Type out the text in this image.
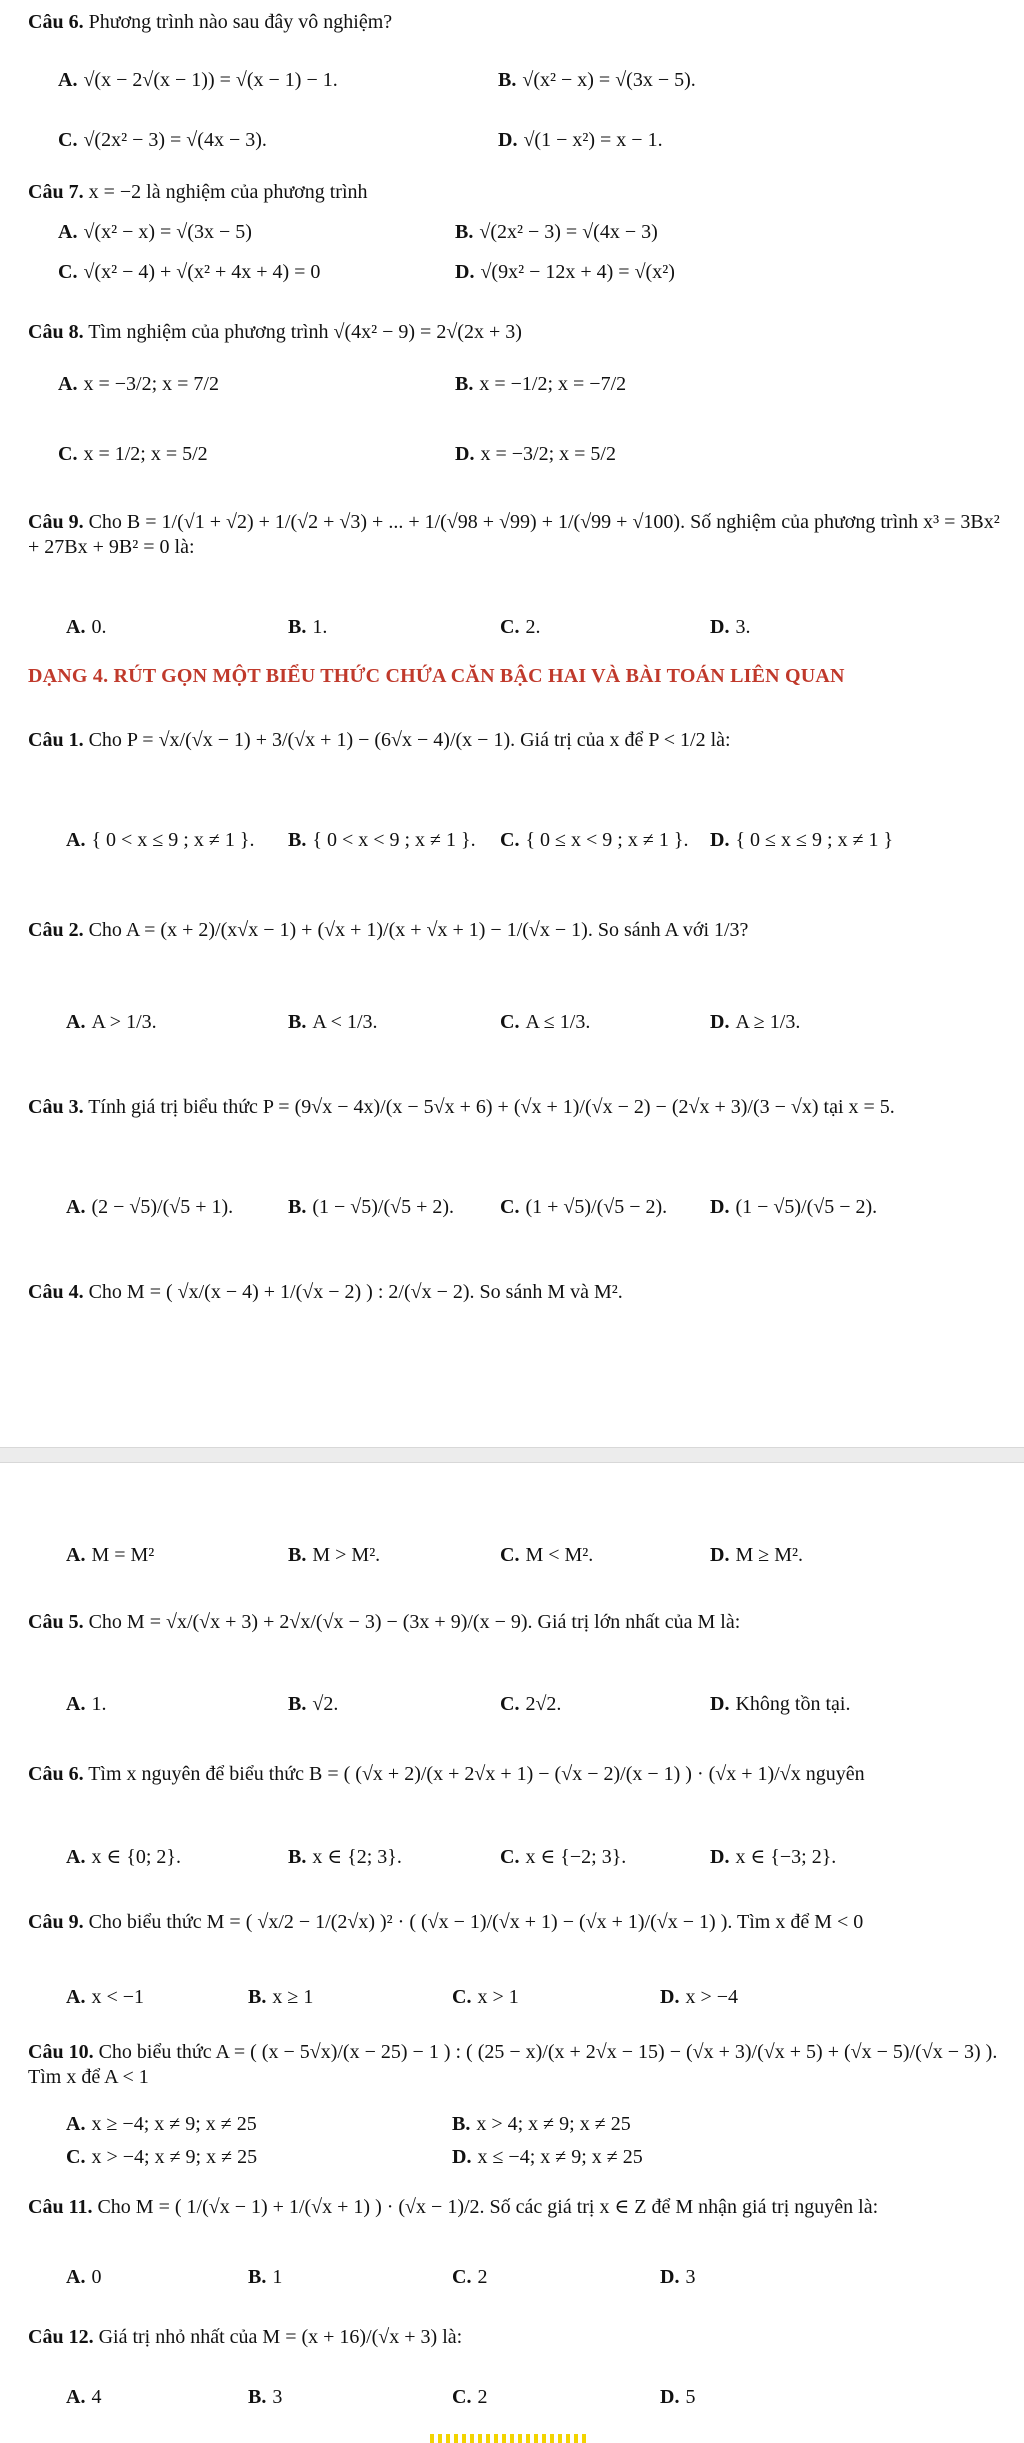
Câu 6. Phương trình nào sau đây vô nghiệm?
A. √(x − 2√(x − 1)) = √(x − 1) − 1.	B. √(x² − x) = √(3x − 5).
C. √(2x² − 3) = √(4x − 3).	D. √(1 − x²) = x − 1.
Câu 7. x = −2 là nghiệm của phương trình
A. √(x² − x) = √(3x − 5)	B. √(2x² − 3) = √(4x − 3)
C. √(x² − 4) + √(x² + 4x + 4) = 0	D. √(9x² − 12x + 4) = √(x²)
Câu 8. Tìm nghiệm của phương trình √(4x² − 9) = 2√(2x + 3)
A. x = −3/2; x = 7/2	B. x = −1/2; x = −7/2
C. x = 1/2; x = 5/2	D. x = −3/2; x = 5/2
Câu 9. Cho B = 1/(√1 + √2) + 1/(√2 + √3) + ... + 1/(√98 + √99) + 1/(√99 + √100). Số nghiệm của phương trình x³ = 3Bx² + 27Bx + 9B² = 0 là:
A. 0.	B. 1.	C. 2.	D. 3.
DẠNG 4. RÚT GỌN MỘT BIỂU THỨC CHỨA CĂN BẬC HAI VÀ BÀI TOÁN LIÊN QUAN
Câu 1. Cho P = √x/(√x − 1) + 3/(√x + 1) − (6√x − 4)/(x − 1). Giá trị của x để P < 1/2 là:
A. { 0 < x ≤ 9 ; x ≠ 1 }. B. { 0 < x < 9 ; x ≠ 1 }. C. { 0 ≤ x < 9 ; x ≠ 1 }. D. { 0 ≤ x ≤ 9 ; x ≠ 1 }
Câu 2. Cho A = (x + 2)/(x√x − 1) + (√x + 1)/(x + √x + 1) − 1/(√x − 1). So sánh A với 1/3?
A. A > 1/3.	B. A < 1/3.	C. A ≤ 1/3.	D. A ≥ 1/3.
Câu 3. Tính giá trị biểu thức P = (9√x − 4x)/(x − 5√x + 6) + (√x + 1)/(√x − 2) − (2√x + 3)/(3 − √x) tại x = 5.
A. (2 − √5)/(√5 + 1).	B. (1 − √5)/(√5 + 2). C. (1 + √5)/(√5 − 2). D. (1 − √5)/(√5 − 2).
Câu 4. Cho M = ( √x/(x − 4) + 1/(√x − 2) ) : 2/(√x − 2). So sánh M và M².
A. M = M²	B. M > M².	C. M < M².	D. M ≥ M².
Câu 5. Cho M = √x/(√x + 3) + 2√x/(√x − 3) − (3x + 9)/(x − 9). Giá trị lớn nhất của M là:
A. 1.	B. √2.	C. 2√2.	D. Không tồn tại.
Câu 6. Tìm x nguyên để biểu thức B = ( (√x + 2)/(x + 2√x + 1) − (√x − 2)/(x − 1) ) · (√x + 1)/√x nguyên
A. x ∈ {0; 2}.	B. x ∈ {2; 3}.	C. x ∈ {−2; 3}.	D. x ∈ {−3; 2}.
Câu 9. Cho biểu thức M = ( √x/2 − 1/(2√x) )² · ( (√x − 1)/(√x + 1) − (√x + 1)/(√x − 1) ). Tìm x để M < 0
A. x < −1	B. x ≥ 1	C. x > 1	D. x > −4
Câu 10. Cho biểu thức A = ( (x − 5√x)/(x − 25) − 1 ) : ( (25 − x)/(x + 2√x − 15) − (√x + 3)/(√x + 5) + (√x − 5)/(√x − 3) ). Tìm x để A < 1
A. x ≥ −4; x ≠ 9; x ≠ 25	B. x > 4; x ≠ 9; x ≠ 25
C. x > −4; x ≠ 9; x ≠ 25	D. x ≤ −4; x ≠ 9; x ≠ 25
Câu 11. Cho M = ( 1/(√x − 1) + 1/(√x + 1) ) · (√x − 1)/2. Số các giá trị x ∈ Z để M nhận giá trị nguyên là:
A. 0	B. 1	C. 2	D. 3
Câu 12. Giá trị nhỏ nhất của M = (x + 16)/(√x + 3) là:
A. 4	B. 3	C. 2	D. 5
